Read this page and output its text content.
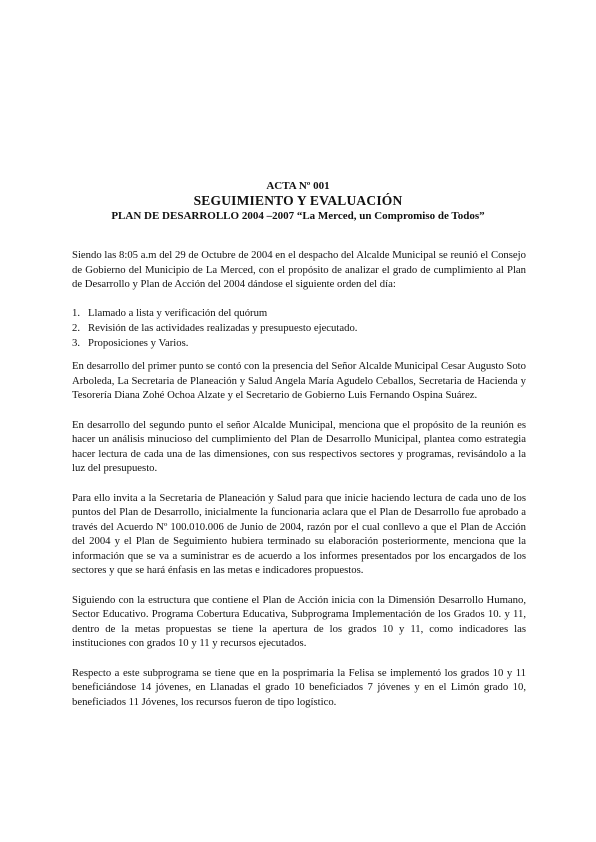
ACTA Nº 001
SEGUIMIENTO Y EVALUACIÓN
PLAN DE DESARROLLO 2004 –2007 “La Merced, un Compromiso de Todos”

Siendo las 8:05 a.m del 29 de Octubre de 2004 en el despacho del Alcalde Municipal se reunió el Consejo de Gobierno del Municipio de La Merced, con el propósito de analizar el grado de cumplimiento al Plan de Desarrollo y Plan de Acción del 2004 dándose el siguiente orden del día:

1. Llamado a lista y verificación del quórum
2. Revisión de las actividades realizadas y presupuesto ejecutado.
3. Proposiciones y Varios.

En desarrollo del primer punto se contó con la presencia del Señor Alcalde Municipal Cesar Augusto Soto Arboleda, La Secretaria de Planeación y Salud Angela María Agudelo Ceballos, Secretaria de Hacienda y Tesorería Diana Zohé Ochoa Alzate y el Secretario de Gobierno Luis Fernando Ospina Suárez.

En desarrollo del segundo punto el señor Alcalde Municipal, menciona que el propósito de la reunión es hacer un análisis minucioso del cumplimiento del Plan de Desarrollo Municipal, plantea como estrategia hacer lectura de cada una de las dimensiones, con sus respectivos sectores y programas, revisándolo a la luz del presupuesto.

Para ello invita a la Secretaria de Planeación y Salud para que inicie haciendo lectura de cada uno de los puntos del Plan de Desarrollo, inicialmente la funcionaria aclara que el Plan de Desarrollo fue aprobado a través del Acuerdo Nº 100.010.006 de Junio de 2004, razón por el cual conllevo a que el Plan de Acción del 2004 y el Plan de Seguimiento hubiera terminado su elaboración posteriormente, menciona que la información que se va a suministrar es de acuerdo a los informes presentados por los encargados de los sectores y que se hará énfasis en las metas e indicadores propuestos.

Siguiendo con la estructura que contiene el Plan de Acción inicia con la Dimensión Desarrollo Humano, Sector Educativo. Programa Cobertura Educativa, Subprograma Implementación de los Grados 10. y 11, dentro de la metas propuestas se tiene la apertura de los grados 10 y 11, como indicadores las instituciones con grados 10 y 11 y recursos ejecutados.

Respecto a este subprograma se tiene que en la posprimaria la Felisa se implementó los grados 10 y 11 beneficiándose 14 jóvenes, en Llanadas el grado 10 beneficiados 7 jóvenes y en el Limón grado 10, beneficiados 11 Jóvenes, los recursos fueron de tipo logístico.
